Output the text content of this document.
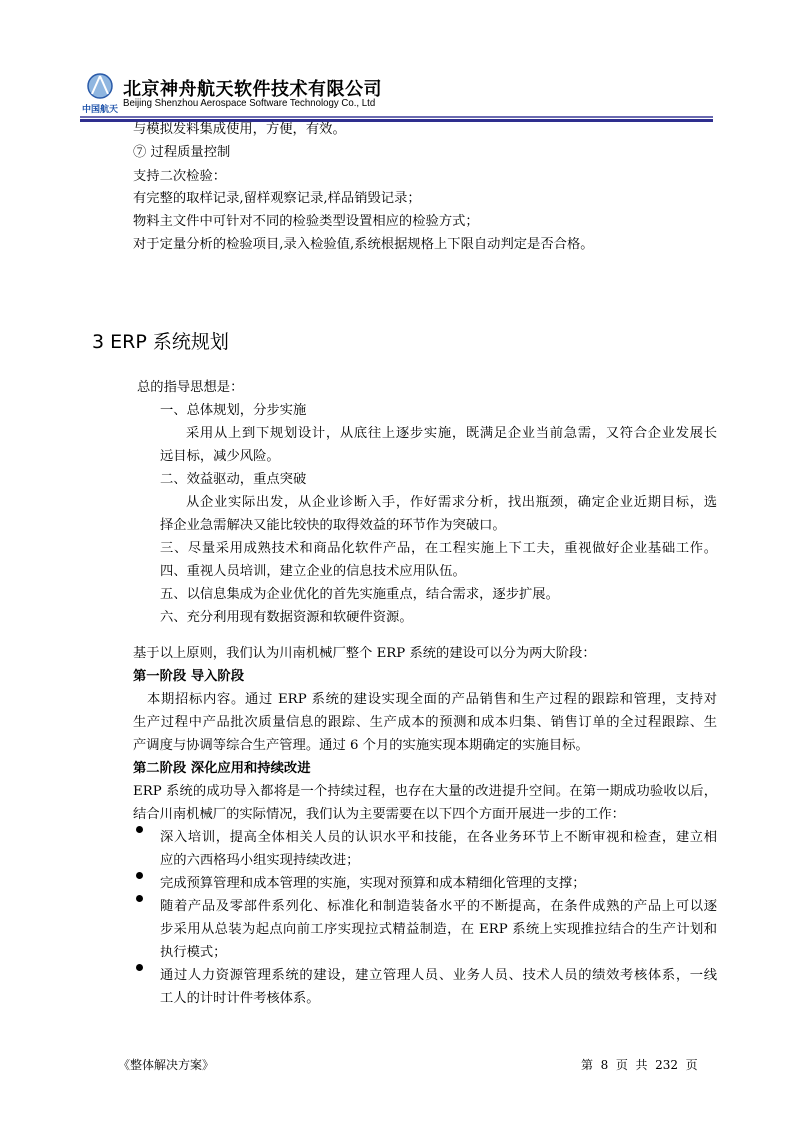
中国航天
北京神舟航天软件技术有限公司
Beijing Shenzhou Aerospace Software Technology Co., Ltd
与模拟发料集成使用，方便，有效。
⑦ 过程质量控制
支持二次检验：
有完整的取样记录,留样观察记录,样品销毁记录；
物料主文件中可针对不同的检验类型设置相应的检验方式；
对于定量分析的检验项目,录入检验值,系统根据规格上下限自动判定是否合格。
3 ERP 系统规划
总的指导思想是：
一、总体规划，分步实施
采用从上到下规划设计，从底往上逐步实施，既满足企业当前急需，又符合企业发展长
远目标，减少风险。
二、效益驱动，重点突破
从企业实际出发，从企业诊断入手，作好需求分析，找出瓶颈，确定企业近期目标，选
择企业急需解决又能比较快的取得效益的环节作为突破口。
三、尽量采用成熟技术和商品化软件产品，在工程实施上下工夫，重视做好企业基础工作。
四、重视人员培训，建立企业的信息技术应用队伍。
五、以信息集成为企业优化的首先实施重点，结合需求，逐步扩展。
六、充分利用现有数据资源和软硬件资源。
基于以上原则，我们认为川南机械厂整个 ERP 系统的建设可以分为两大阶段：
第一阶段 导入阶段
本期招标内容。通过 ERP 系统的建设实现全面的产品销售和生产过程的跟踪和管理，支持对
生产过程中产品批次质量信息的跟踪、生产成本的预测和成本归集、销售订单的全过程跟踪、生
产调度与协调等综合生产管理。通过 6 个月的实施实现本期确定的实施目标。
第二阶段 深化应用和持续改进
ERP 系统的成功导入都将是一个持续过程，也存在大量的改进提升空间。在第一期成功验收以后，
结合川南机械厂的实际情况，我们认为主要需要在以下四个方面开展进一步的工作：
深入培训，提高全体相关人员的认识水平和技能，在各业务环节上不断审视和检查，建立相
应的六西格玛小组实现持续改进；
完成预算管理和成本管理的实施，实现对预算和成本精细化管理的支撑；
随着产品及零部件系列化、标准化和制造装备水平的不断提高，在条件成熟的产品上可以逐
步采用从总装为起点向前工序实现拉式精益制造，在 ERP 系统上实现推拉结合的生产计划和
执行模式；
通过人力资源管理系统的建设，建立管理人员、业务人员、技术人员的绩效考核体系，一线
工人的计时计件考核体系。
《整体解决方案》	第  8  页  共  232  页
